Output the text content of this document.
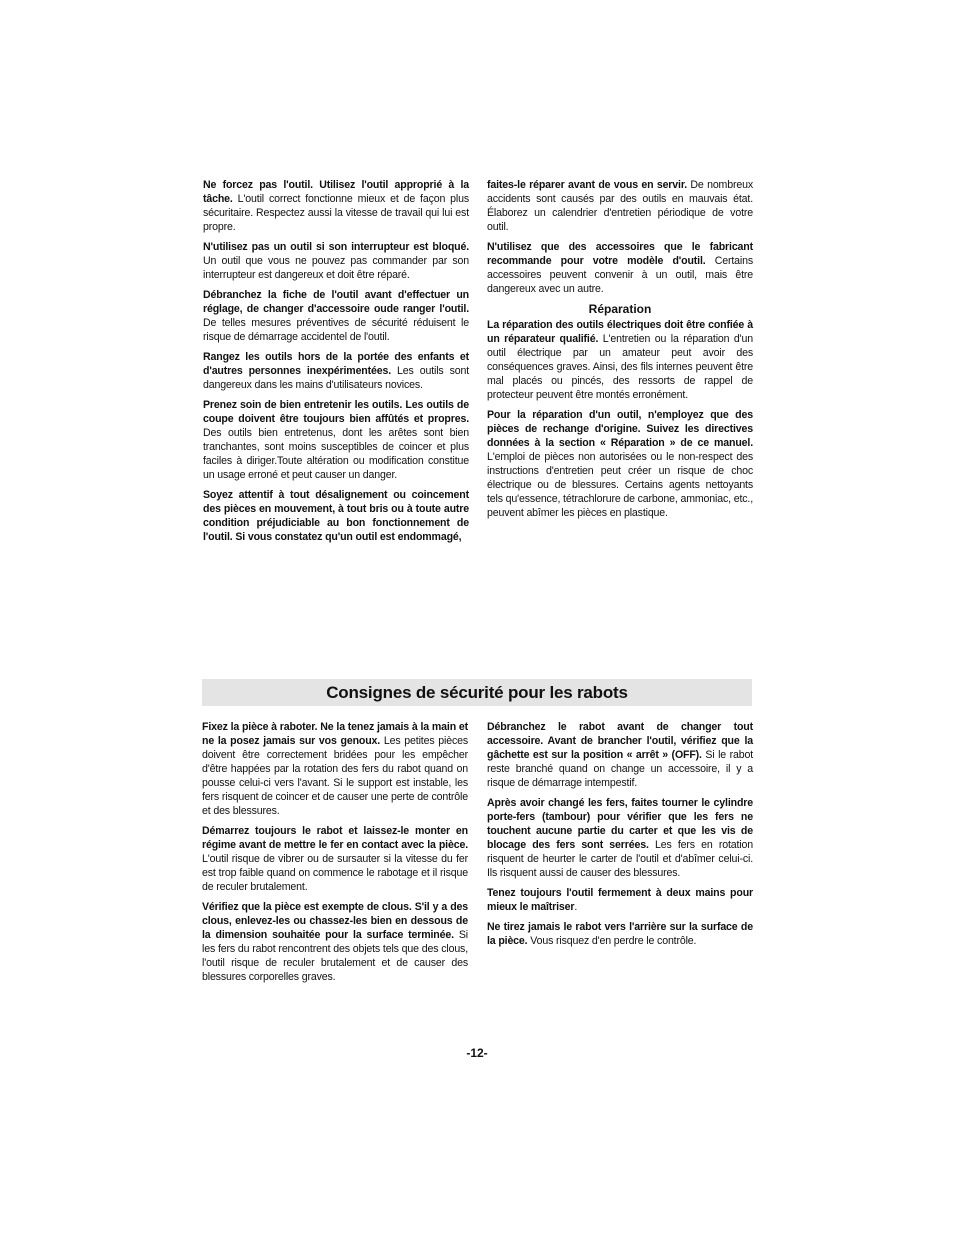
Ne forcez pas l'outil. Utilisez l'outil approprié à la tâche. L'outil correct fonctionne mieux et de façon plus sécuritaire. Respectez aussi la vitesse de travail qui lui est propre.

N'utilisez pas un outil si son interrupteur est bloqué. Un outil que vous ne pouvez pas commander par son interrupteur est dangereux et doit être réparé.

Débranchez la fiche de l'outil avant d'effectuer un réglage, de changer d'accessoire oude ranger l'outil. De telles mesures préventives de sécurité réduisent le risque de démarrage accidentel de l'outil.

Rangez les outils hors de la portée des enfants et d'autres personnes inexpérimentées. Les outils sont dangereux dans les mains d'utilisateurs novices.

Prenez soin de bien entretenir les outils. Les outils de coupe doivent être toujours bien affûtés et propres. Des outils bien entretenus, dont les arêtes sont bien tranchantes, sont moins susceptibles de coincer et plus faciles à diriger.Toute altération ou modification constitue un usage erroné et peut causer un danger.

Soyez attentif à tout désalignement ou coincement des pièces en mouvement, à tout bris ou à toute autre condition préjudiciable au bon fonctionnement de l'outil. Si vous constatez qu'un outil est endommagé,

faites-le réparer avant de vous en servir. De nombreux accidents sont causés par des outils en mauvais état. Élaborez un calendrier d'entretien périodique de votre outil.

N'utilisez que des accessoires que le fabricant recommande pour votre modèle d'outil. Certains accessoires peuvent convenir à un outil, mais être dangereux avec un autre.

Réparation

La réparation des outils électriques doit être confiée à un réparateur qualifié. L'entretien ou la réparation d'un outil électrique par un amateur peut avoir des conséquences graves. Ainsi, des fils internes peuvent être mal placés ou pincés, des ressorts de rappel de protecteur peuvent être montés erronément.

Pour la réparation d'un outil, n'employez que des pièces de rechange d'origine. Suivez les directives données à la section « Réparation » de ce manuel. L'emploi de pièces non autorisées ou le non-respect des instructions d'entretien peut créer un risque de choc électrique ou de blessures. Certains agents nettoyants tels qu'essence, tétrachlorure de carbone, ammoniac, etc., peuvent abîmer les pièces en plastique.

Consignes de sécurité pour les rabots

Fixez la pièce à raboter. Ne la tenez jamais à la main et ne la posez jamais sur vos genoux. Les petites pièces doivent être correctement bridées pour les empêcher d'être happées par la rotation des fers du rabot quand on pousse celui-ci vers l'avant. Si le support est instable, les fers risquent de coincer et de causer une perte de contrôle et des blessures.

Démarrez toujours le rabot et laissez-le monter en régime avant de mettre le fer en contact avec la pièce. L'outil risque de vibrer ou de sursauter si la vitesse du fer est trop faible quand on commence le rabotage et il risque de reculer brutalement.

Vérifiez que la pièce est exempte de clous. S'il y a des clous, enlevez-les ou chassez-les bien en dessous de la dimension souhaitée pour la surface terminée. Si les fers du rabot rencontrent des objets tels que des clous, l'outil risque de reculer brutalement et de causer des blessures corporelles graves.

Débranchez le rabot avant de changer tout accessoire. Avant de brancher l'outil, vérifiez que la gâchette est sur la position « arrêt » (OFF). Si le rabot reste branché quand on change un accessoire, il y a risque de démarrage intempestif.

Après avoir changé les fers, faites tourner le cylindre porte-fers (tambour) pour vérifier que les fers ne touchent aucune partie du carter et que les vis de blocage des fers sont serrées. Les fers en rotation risquent de heurter le carter de l'outil et d'abîmer celui-ci. Ils risquent aussi de causer des blessures.

Tenez toujours l'outil fermement à deux mains pour mieux le maîtriser.

Ne tirez jamais le rabot vers l'arrière sur la surface de la pièce. Vous risquez d'en perdre le contrôle.

-12-
